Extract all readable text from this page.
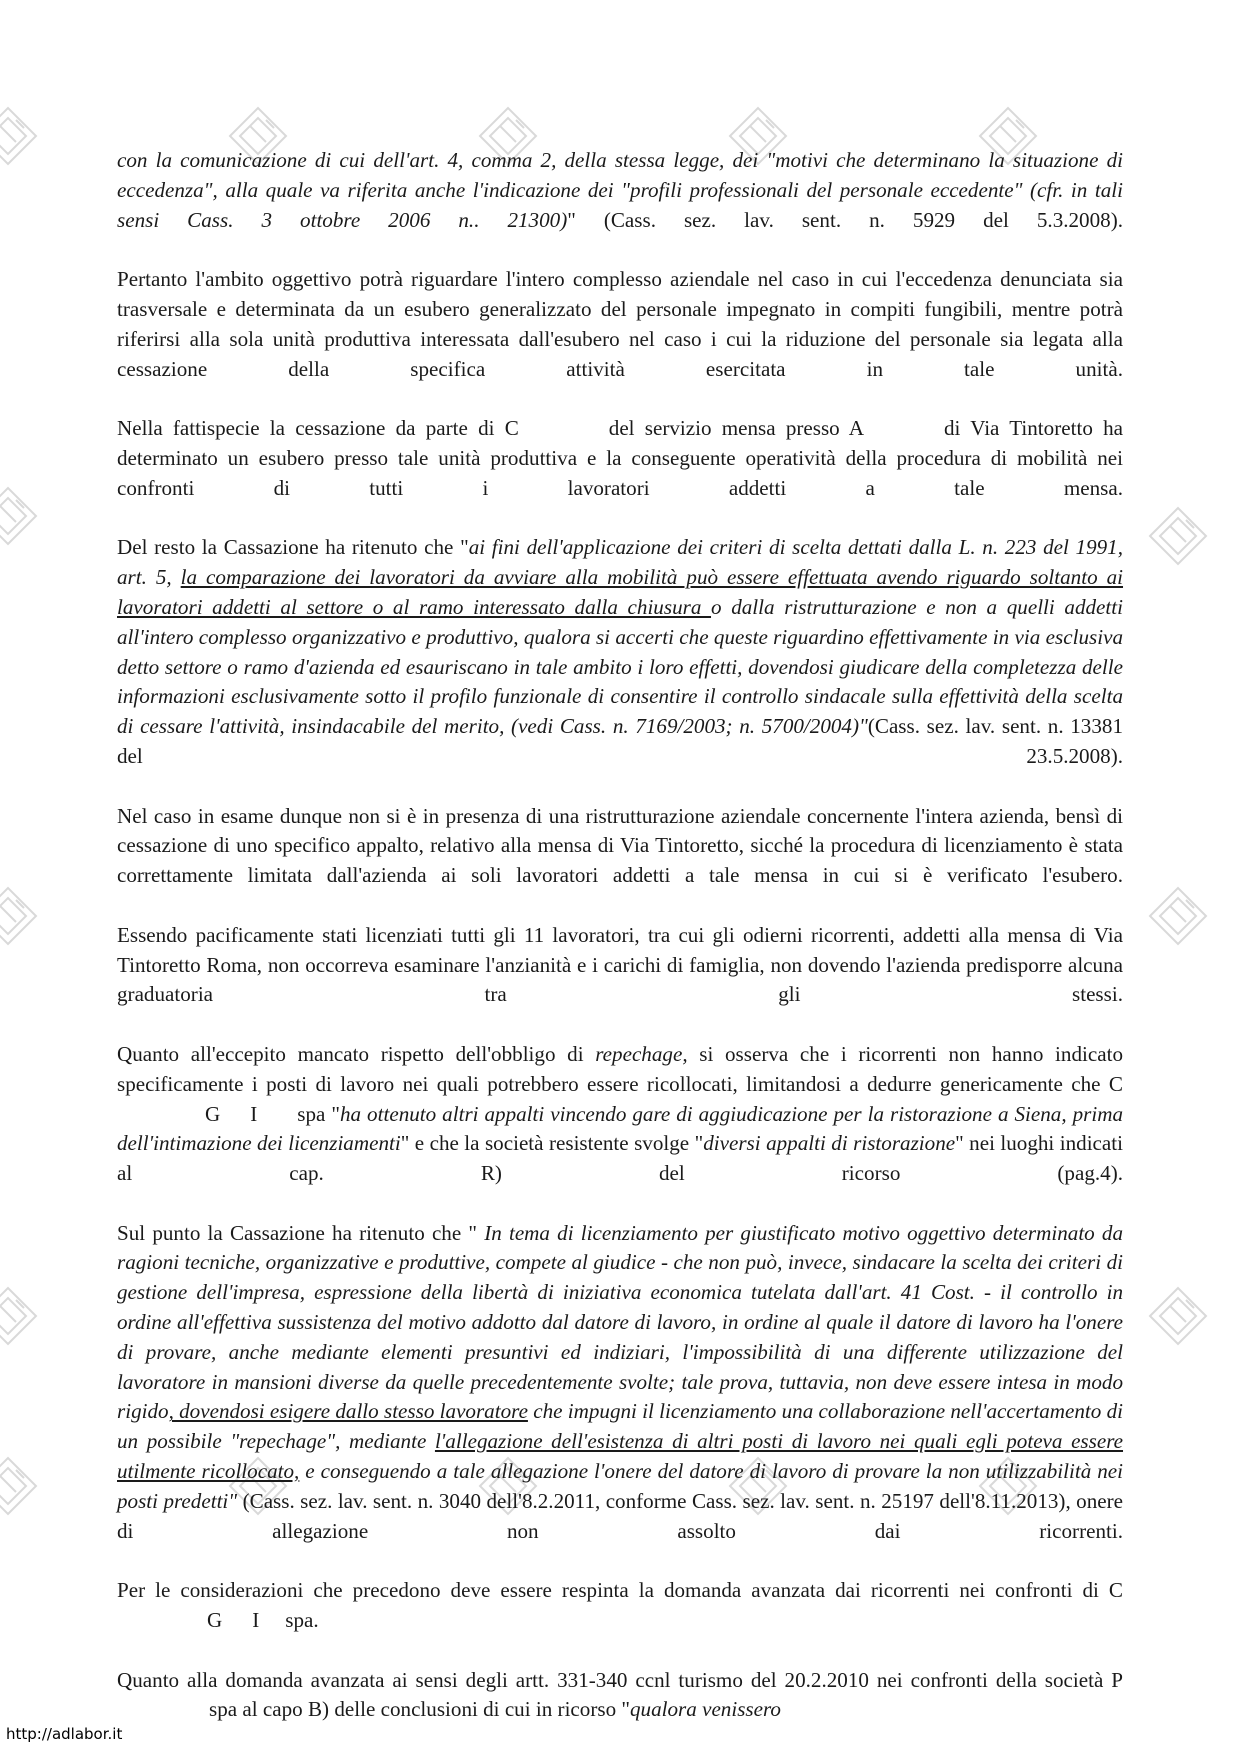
con la comunicazione di cui dell'art. 4, comma 2, della stessa legge, dei "motivi che determinano la situazione di eccedenza", alla quale va riferita anche l'indicazione dei "profili professionali del personale eccedente" (cfr. in tali sensi Cass. 3 ottobre 2006 n.. 21300)" (Cass. sez. lav. sent. n. 5929 del 5.3.2008).

Pertanto l'ambito oggettivo potrà riguardare l'intero complesso aziendale nel caso in cui l'eccedenza denunciata sia trasversale e determinata da un esubero generalizzato del personale impegnato in compiti fungibili, mentre potrà riferirsi alla sola unità produttiva interessata dall'esubero nel caso i cui la riduzione del personale sia legata alla cessazione della specifica attività esercitata in tale unità.

Nella fattispecie la cessazione da parte di C	del servizio mensa presso A	di Via Tintoretto ha determinato un esubero presso tale unità produttiva e la conseguente operatività della procedura di mobilità nei confronti di tutti i lavoratori addetti a tale mensa.

Del resto la Cassazione ha ritenuto che "ai fini dell'applicazione dei criteri di scelta dettati dalla L. n. 223 del 1991, art. 5, la comparazione dei lavoratori da avviare alla mobilità può essere effettuata avendo riguardo soltanto ai lavoratori addetti al settore o al ramo interessato dalla chiusura o dalla ristrutturazione e non a quelli addetti all'intero complesso organizzativo e produttivo, qualora si accerti che queste riguardino effettivamente in via esclusiva detto settore o ramo d'azienda ed esauriscano in tale ambito i loro effetti, dovendosi giudicare della completezza delle informazioni esclusivamente sotto il profilo funzionale di consentire il controllo sindacale sulla effettività della scelta di cessare l'attività, insindacabile del merito, (vedi Cass. n. 7169/2003; n. 5700/2004)"(Cass. sez. lav. sent. n. 13381 del 23.5.2008).

Nel caso in esame dunque non si è in presenza di una ristrutturazione aziendale concernente l'intera azienda, bensì di cessazione di uno specifico appalto, relativo alla mensa di Via Tintoretto, sicché la procedura di licenziamento è stata correttamente limitata dall'azienda ai soli lavoratori addetti a tale mensa in cui si è verificato l'esubero.

Essendo pacificamente stati licenziati tutti gli 11 lavoratori, tra cui gli odierni ricorrenti, addetti alla mensa di Via Tintoretto Roma, non occorreva esaminare l'anzianità e i carichi di famiglia, non dovendo l'azienda predisporre alcuna graduatoria tra gli stessi.

Quanto all'eccepito mancato rispetto dell'obbligo di repechage, si osserva che i ricorrenti non hanno indicato specificamente i posti di lavoro nei quali potrebbero essere ricollocati, limitandosi a dedurre genericamente che CG I spa "ha ottenuto altri appalti vincendo gare di aggiudicazione per la ristorazione a Siena, prima dell'intimazione dei licenziamenti" e che la società resistente svolge "diversi appalti di ristorazione" nei luoghi indicati al cap. R) del ricorso (pag.4).

Sul punto la Cassazione ha ritenuto che " In tema di licenziamento per giustificato motivo oggettivo determinato da ragioni tecniche, organizzative e produttive, compete al giudice - che non può, invece, sindacare la scelta dei criteri di gestione dell'impresa, espressione della libertà di iniziativa economica tutelata dall'art. 41 Cost. - il controllo in ordine all'effettiva sussistenza del motivo addotto dal datore di lavoro, in ordine al quale il datore di lavoro ha l'onere di provare, anche mediante elementi presuntivi ed indiziari, l'impossibilità di una differente utilizzazione del lavoratore in mansioni diverse da quelle precedentemente svolte; tale prova, tuttavia, non deve essere intesa in modo rigido, dovendosi esigere dallo stesso lavoratore che impugni il licenziamento una collaborazione nell'accertamento di un possibile "repechage", mediante l'allegazione dell'esistenza di altri posti di lavoro nei quali egli poteva essere utilmente ricollocato, e conseguendo a tale allegazione l'onere del datore di lavoro di provare la non utilizzabilità nei posti predetti" (Cass. sez. lav. sent. n. 3040 dell'8.2.2011, conforme Cass. sez. lav. sent. n. 25197 dell'8.11.2013), onere di allegazione non assolto dai ricorrenti.

Per le considerazioni che precedono deve essere respinta la domanda avanzata dai ricorrenti nei confronti di CG I spa.

Quanto alla domanda avanzata ai sensi degli artt. 331-340 ccnl turismo del 20.2.2010 nei confronti della società Pspa al capo B) delle conclusioni di cui in ricorso "qualora venissero

http://adlabor.it
